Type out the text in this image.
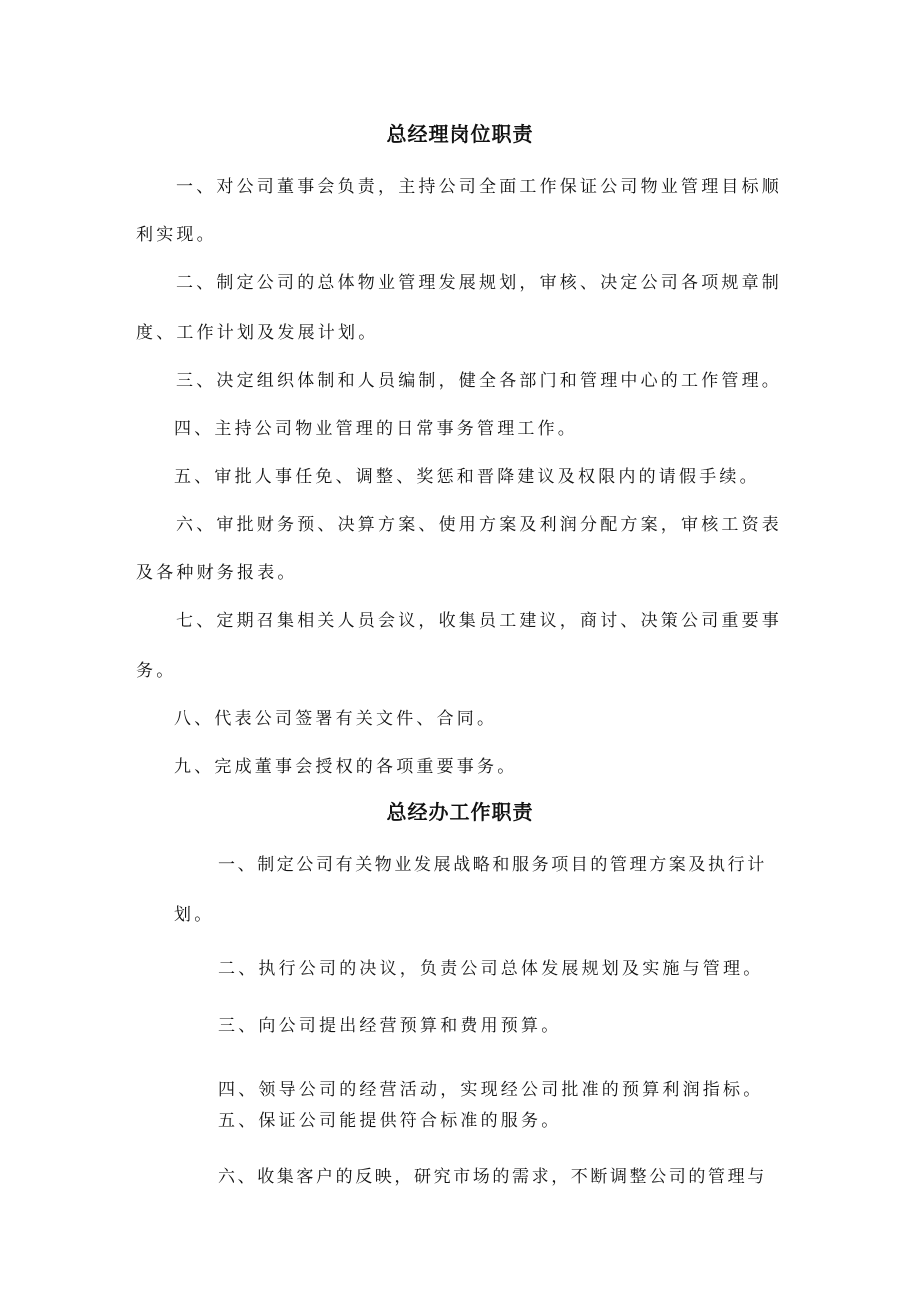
总经理岗位职责
一、对公司董事会负责，主持公司全面工作保证公司物业管理目标顺
利实现。
二、制定公司的总体物业管理发展规划，审核、决定公司各项规章制
度、工作计划及发展计划。
三、决定组织体制和人员编制，健全各部门和管理中心的工作管理。
四、主持公司物业管理的日常事务管理工作。
五、审批人事任免、调整、奖惩和晋降建议及权限内的请假手续。
六、审批财务预、决算方案、使用方案及利润分配方案，审核工资表
及各种财务报表。
七、定期召集相关人员会议，收集员工建议，商讨、决策公司重要事
务。
八、代表公司签署有关文件、合同。
九、完成董事会授权的各项重要事务。
总经办工作职责
一、制定公司有关物业发展战略和服务项目的管理方案及执行计
划。
二、执行公司的决议，负责公司总体发展规划及实施与管理。
三、向公司提出经营预算和费用预算。
四、领导公司的经营活动，实现经公司批准的预算利润指标。
五、保证公司能提供符合标准的服务。
六、收集客户的反映，研究市场的需求，不断调整公司的管理与
